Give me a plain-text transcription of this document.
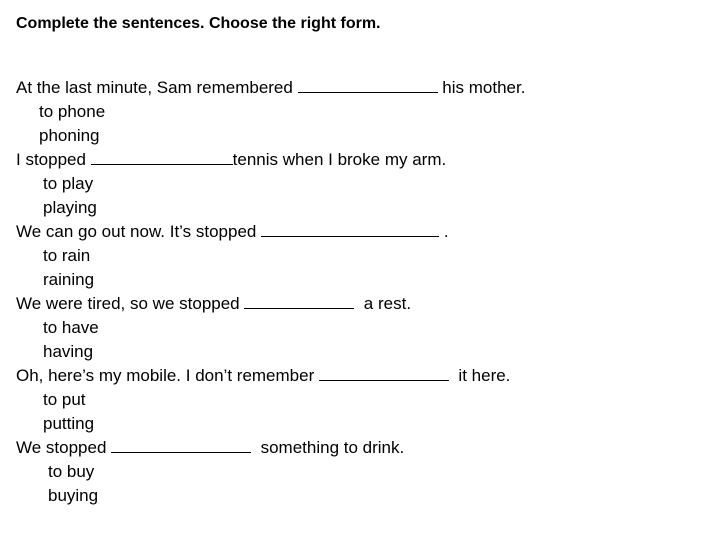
Complete the sentences. Choose the right form.
At the last minute, Sam remembered	his mother.
to phone
phoning
I stopped	tennis when I broke my arm.
to play
playing
We can go out now. It’s stopped	.
to rain
raining
We were tired, so we stopped	a rest.
to have
having
Oh, here’s my mobile. I don’t remember	it here.
to put
putting
We stopped	something to drink.
to buy
buying
